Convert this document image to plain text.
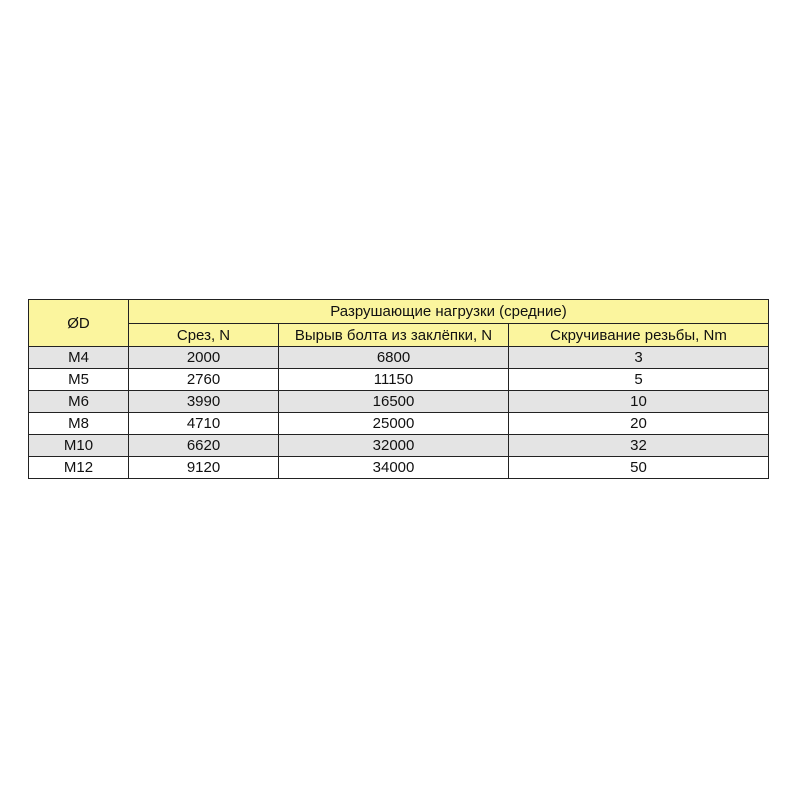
ØD	Разрушающие нагрузки (средние)		
	Срез, N	Вырыв болта из заклёпки, N	Скручивание резьбы, Nm
M4	2000	6800	3
M5	2760	11150	5
M6	3990	16500	10
M8	4710	25000	20
M10	6620	32000	32
M12	9120	34000	50
